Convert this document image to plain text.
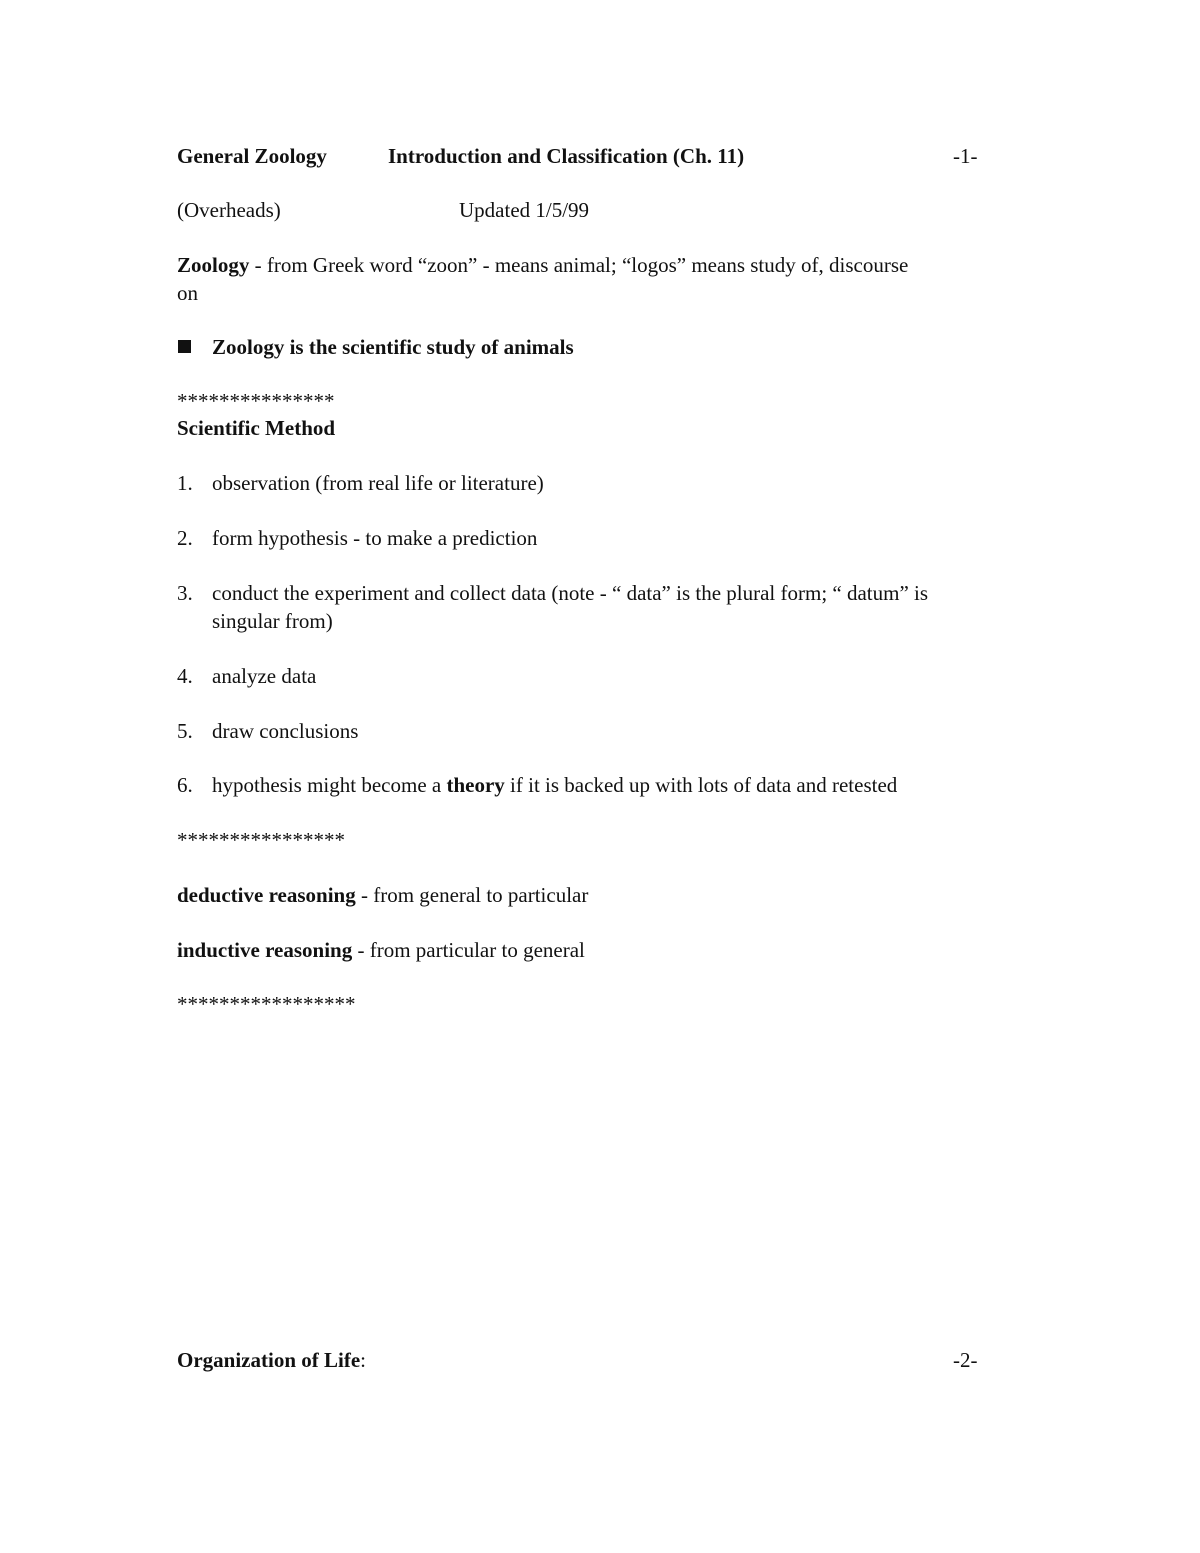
General Zoology	Introduction and Classification (Ch. 11)	-1-
(Overheads)	Updated 1/5/99
Zoology - from Greek word “zoon” - means animal; “logos” means study of, discourse
on
Zoology is the scientific study of animals
***************
Scientific Method
1. observation (from real life or literature)
2. form hypothesis - to make a prediction
3. conduct the experiment and collect data (note - “ data” is the plural form; “ datum” is
singular from)
4. analyze data
5. draw conclusions
6. hypothesis might become a theory if it is backed up with lots of data and retested
****************
deductive reasoning - from general to particular
inductive reasoning - from particular to general
*****************
Organization of Life:	-2-
